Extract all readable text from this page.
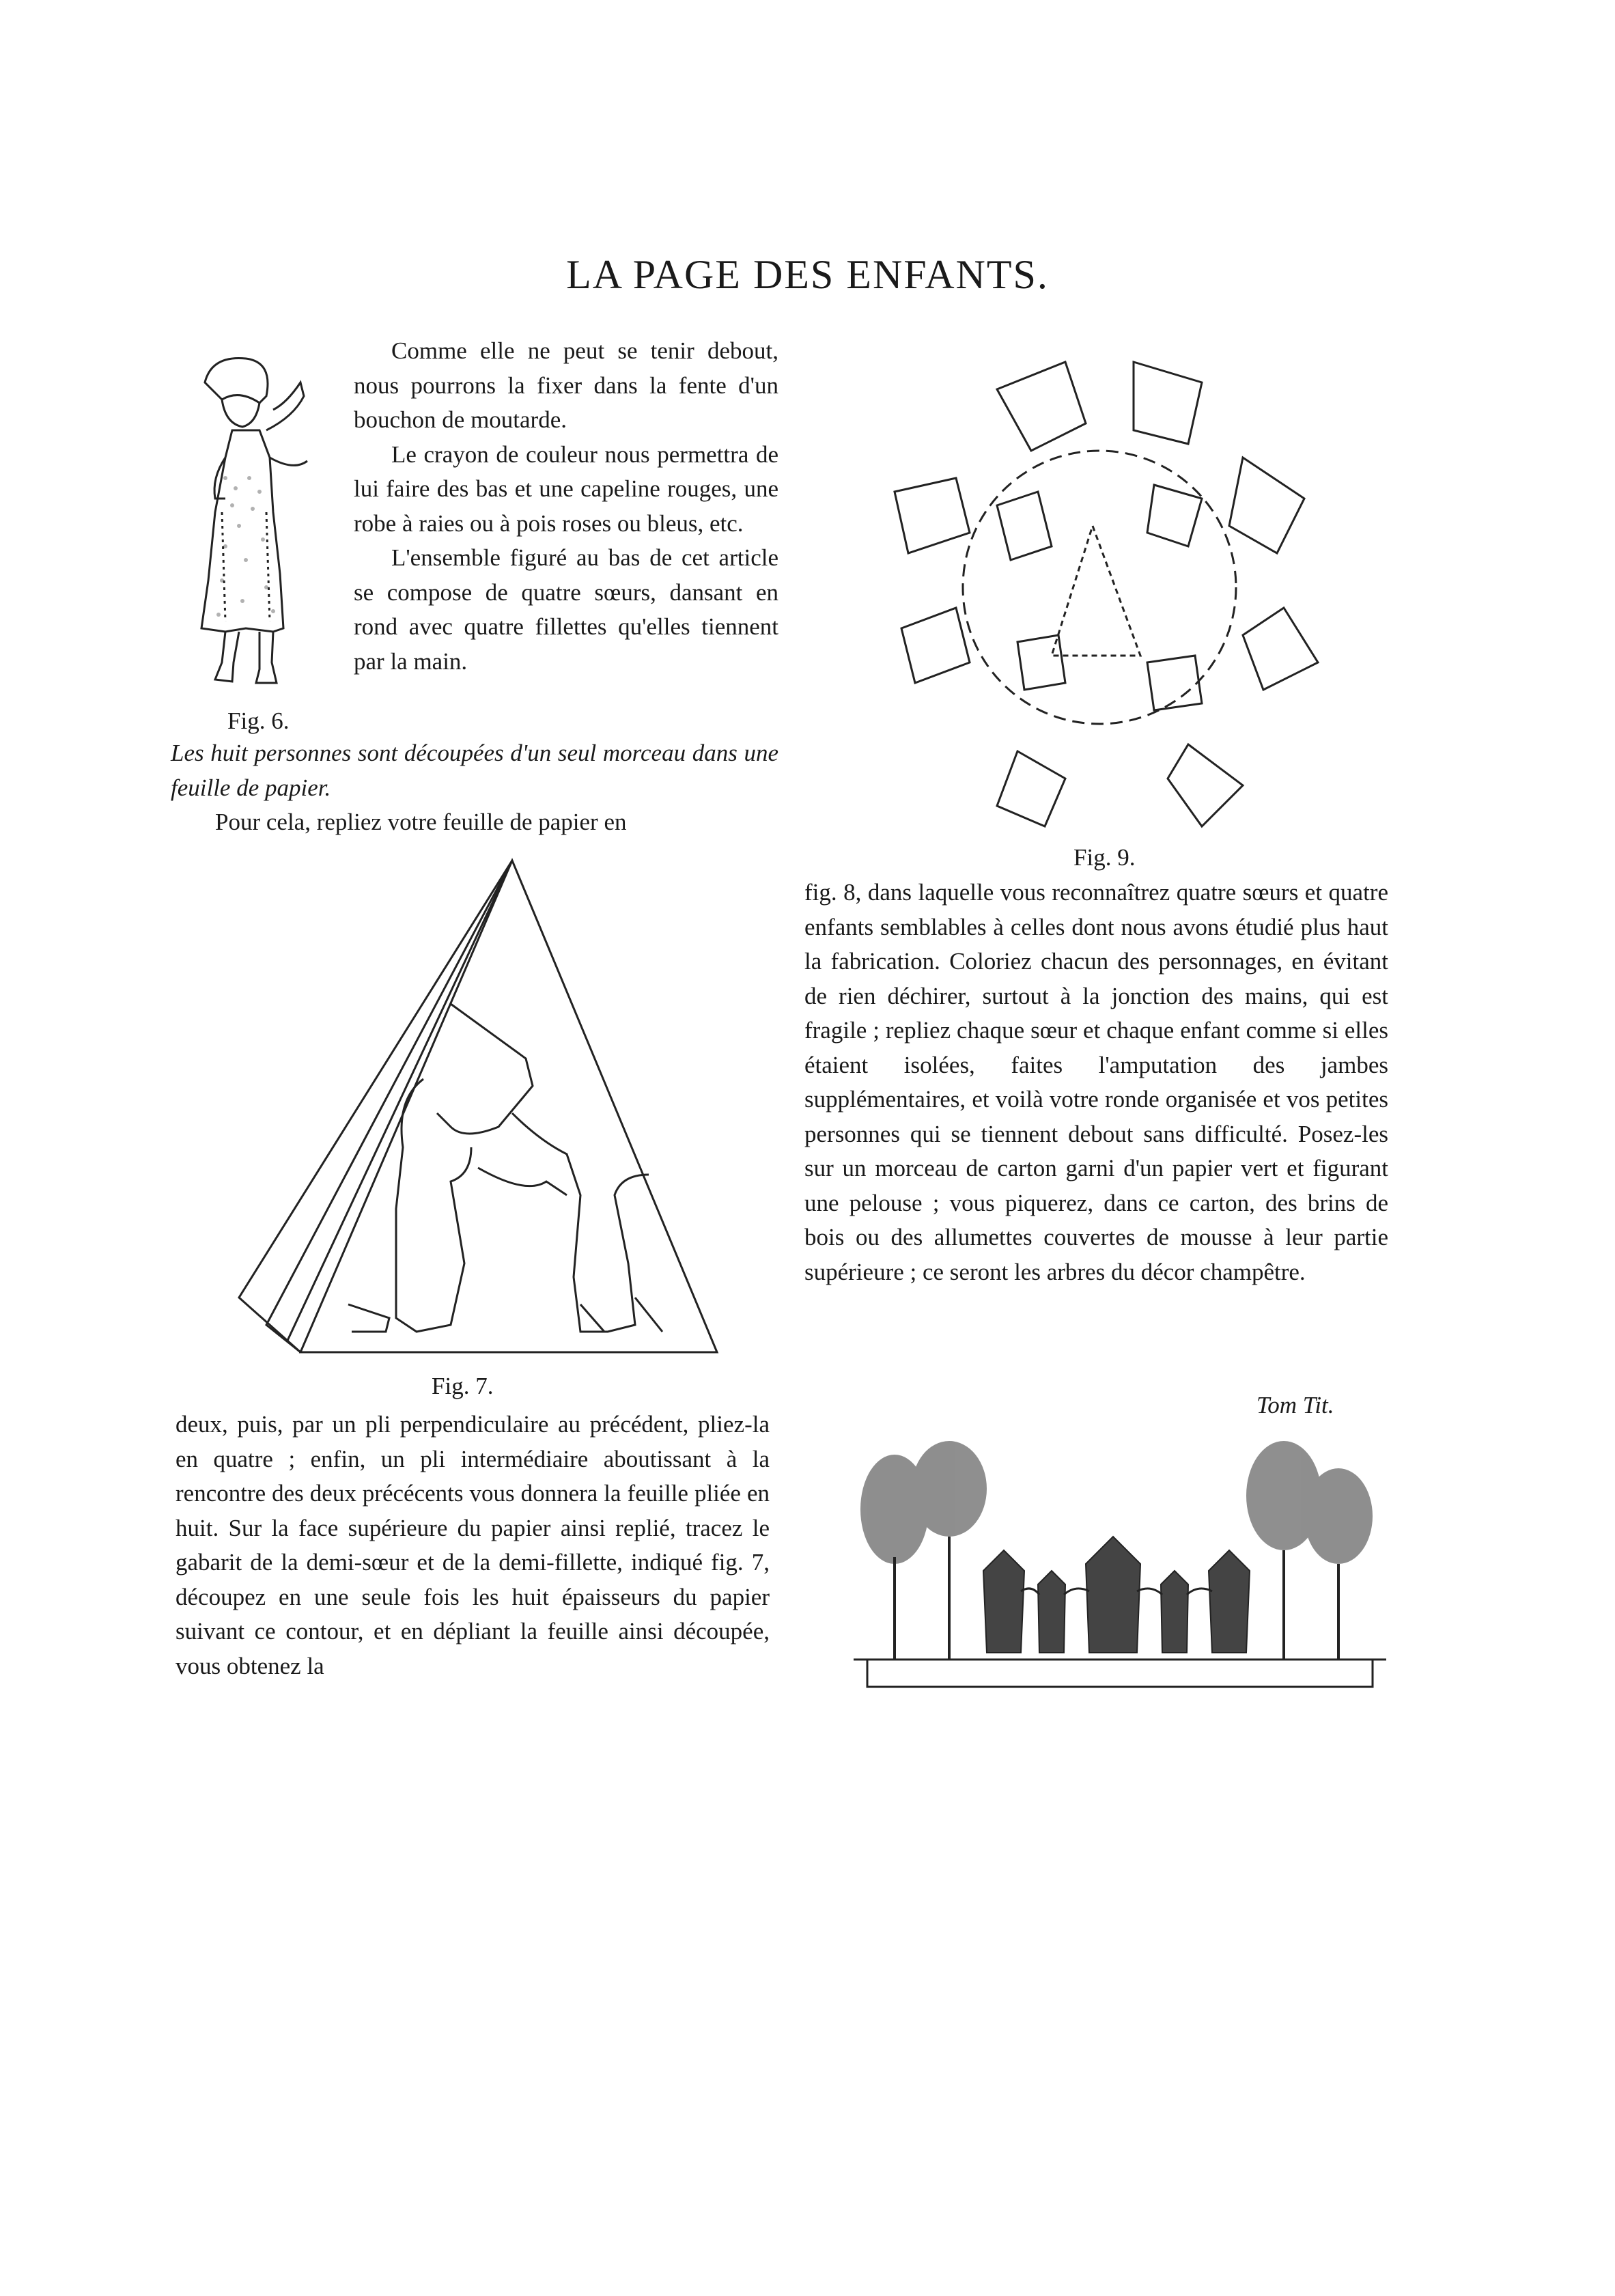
LA PAGE DES ENFANTS.
Fig. 6.
Comme elle ne peut se tenir debout, nous pourrons la fixer dans la fente d'un bouchon de moutarde.
Le crayon de couleur nous permettra de lui faire des bas et une capeline rouges, une robe à raies ou à pois roses ou bleus, etc.
L'ensemble figuré au bas de cet article se compose de quatre sœurs, dansant en rond avec quatre fillettes qu'elles tiennent par la main.
Les huit personnes sont découpées d'un seul morceau dans une feuille de papier.
Pour cela, repliez votre feuille de papier en
Fig. 7.
deux, puis, par un pli perpendiculaire au précédent, pliez-la en quatre ; enfin, un pli intermédiaire aboutissant à la rencontre des deux précécents vous donnera la feuille pliée en huit. Sur la face supérieure du papier ainsi replié, tracez le gabarit de la demi-sœur et de la demi-fillette, indiqué fig. 7, découpez en une seule fois les huit épaisseurs du papier suivant ce contour, et en dépliant la feuille ainsi découpée, vous obtenez la
Fig. 9.
fig. 8, dans laquelle vous reconnaîtrez quatre sœurs et quatre enfants semblables à celles dont nous avons étudié plus haut la fabrication. Coloriez chacun des personnages, en évitant de rien déchirer, surtout à la jonction des mains, qui est fragile ; repliez chaque sœur et chaque enfant comme si elles étaient isolées, faites l'amputation des jambes supplémentaires, et voilà votre ronde organisée et vos petites personnes qui se tiennent debout sans difficulté. Posez-les sur un morceau de carton garni d'un papier vert et figurant une pelouse ; vous piquerez, dans ce carton, des brins de bois ou des allumettes couvertes de mousse à leur partie supérieure ; ce seront les arbres du décor champêtre.
Tom Tit.
